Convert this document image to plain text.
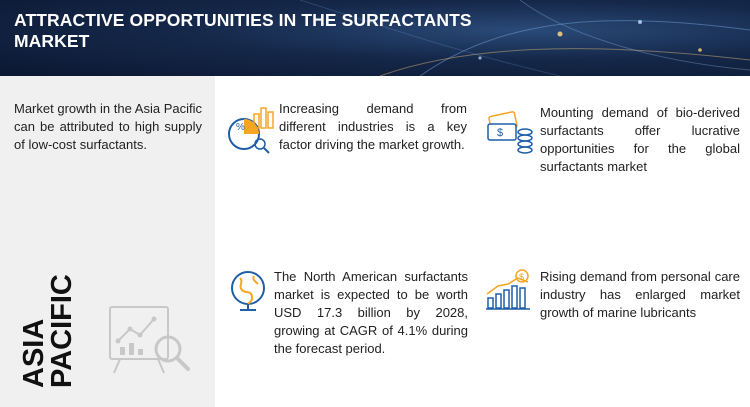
ATTRACTIVE OPPORTUNITIES IN THE SURFACTANTS MARKET

Market growth in the Asia Pacific can be attributed to high supply of low-cost surfactants.

ASIA PACIFIC

%

Increasing demand from different industries is a key factor driving the market growth.

$

Mounting demand of bio-derived surfactants offer lucrative opportunities for the global surfactants market

The North American surfactants market is expected to be worth USD 17.3 billion by 2028, growing at CAGR of 4.1% during the forecast period.

$ Rising demand from personal care industry has enlarged market growth of marine lubricants
